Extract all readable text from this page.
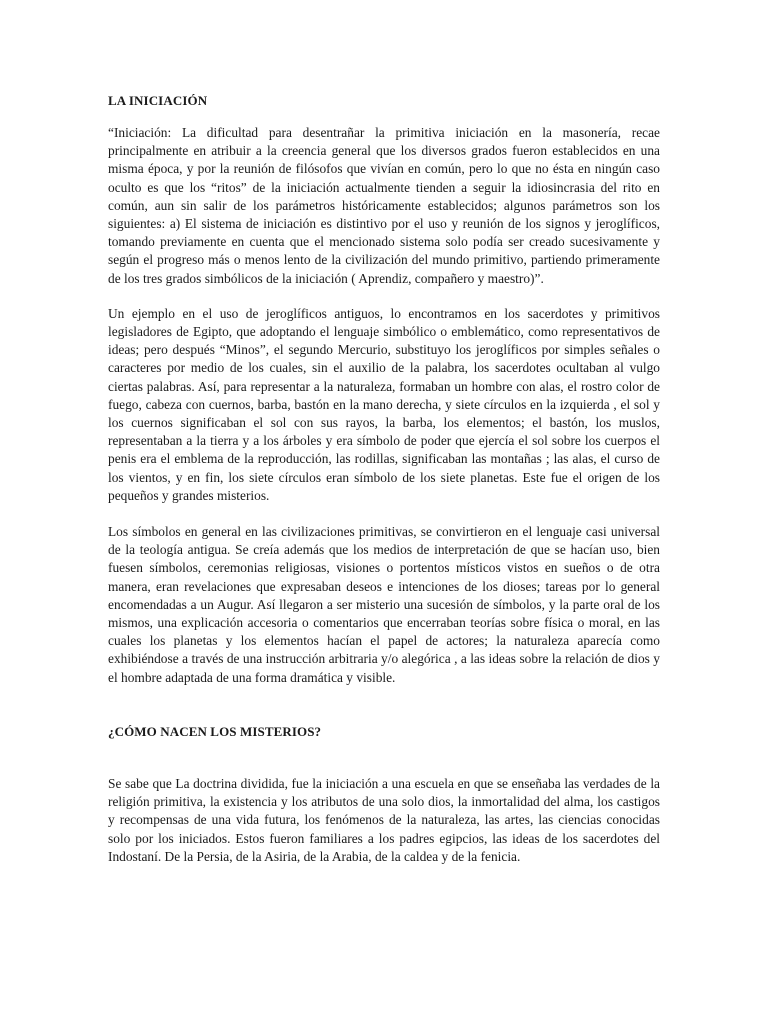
LA INICIACIÓN

“Iniciación: La dificultad para desentrañar la primitiva iniciación en la masonería, recae principalmente en atribuir a la creencia general que los diversos grados fueron establecidos en una misma época, y por la reunión de filósofos que vivían en común, pero lo que no ésta en ningún caso oculto es que los “ritos” de la iniciación actualmente tienden a seguir la idiosincrasia del rito en común, aun sin salir de los parámetros históricamente establecidos; algunos parámetros son los siguientes: a) El sistema de iniciación es distintivo por el uso y reunión de los signos y jeroglíficos, tomando previamente en cuenta que el mencionado sistema solo podía ser creado sucesivamente y según el progreso más o menos lento de la civilización del mundo primitivo, partiendo primeramente de los tres grados simbólicos de la iniciación ( Aprendiz, compañero y maestro)”.

Un ejemplo en el uso de jeroglíficos antiguos, lo encontramos en los sacerdotes y primitivos legisladores de Egipto, que adoptando el lenguaje simbólico o emblemático, como representativos de ideas; pero después “Minos”, el segundo Mercurio, substituyo los jeroglíficos por simples señales o caracteres por medio de los cuales, sin el auxilio de la palabra, los sacerdotes ocultaban al vulgo ciertas palabras. Así, para representar a la naturaleza, formaban un hombre con alas, el rostro color de fuego, cabeza con cuernos, barba, bastón en la mano derecha, y siete círculos en la izquierda , el sol y los cuernos significaban el sol con sus rayos, la barba, los elementos; el bastón, los muslos, representaban a la tierra y a los árboles y era símbolo de poder que ejercía el sol sobre los cuerpos el penis era el emblema de la reproducción, las rodillas, significaban las montañas ; las alas, el curso de los vientos, y en fin, los siete círculos eran símbolo de los siete planetas. Este fue el origen de los pequeños y grandes misterios.

Los símbolos en general en las civilizaciones primitivas, se convirtieron en el lenguaje casi universal de la teología antigua. Se creía además que los medios de interpretación de que se hacían uso, bien fuesen símbolos, ceremonias religiosas, visiones o portentos místicos vistos en sueños o de otra manera, eran revelaciones que expresaban deseos e intenciones de los dioses; tareas por lo general encomendadas a un Augur. Así llegaron a ser misterio una sucesión de símbolos, y la parte oral de los mismos, una explicación accesoria o comentarios que encerraban teorías sobre física o moral, en las cuales los planetas y los elementos hacían el papel de actores; la naturaleza aparecía como exhibiéndose a través de una instrucción arbitraria y/o alegórica , a las ideas sobre la relación de dios y el hombre adaptada de una forma dramática y visible.

¿CÓMO NACEN LOS MISTERIOS?

Se sabe que La doctrina dividida, fue la iniciación a una escuela en que se enseñaba las verdades de la religión primitiva, la existencia y los atributos de una solo dios, la inmortalidad del alma, los castigos y recompensas de una vida futura, los fenómenos de la naturaleza, las artes, las ciencias conocidas solo por los iniciados. Estos fueron familiares a los padres egipcios, las ideas de los sacerdotes del Indostaní. De la Persia, de la Asiria, de la Arabia, de la caldea y de la fenicia.
